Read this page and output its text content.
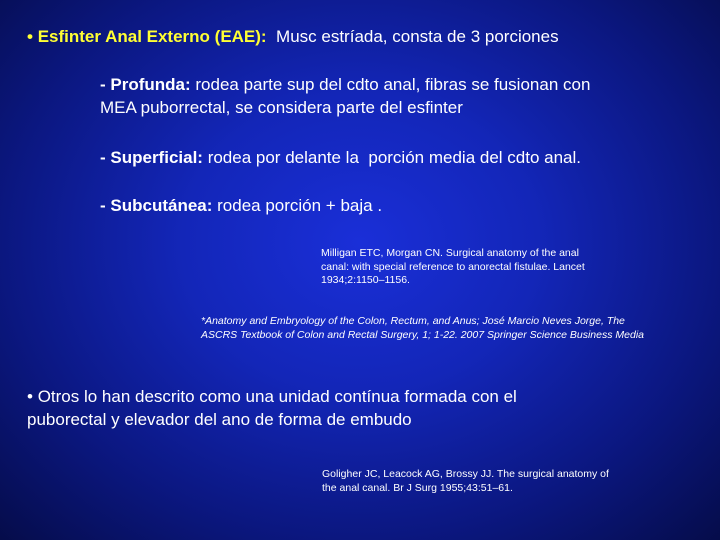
• Esfinter Anal Externo (EAE):  Musc estríada, consta de 3 porciones
- Profunda: rodea parte sup del cdto anal, fibras se fusionan con
MEA puborrectal, se considera parte del esfinter
- Superficial: rodea por delante la  porción media del cdto anal.
- Subcutánea: rodea porción + baja .
Milligan ETC, Morgan CN. Surgical anatomy of the anal
canal: with special reference to anorectal fistulae. Lancet
1934;2:1150–1156.
*Anatomy and Embryology of the Colon, Rectum, and Anus; José Marcio Neves Jorge, The
ASCRS Textbook of Colon and Rectal Surgery, 1; 1-22. 2007 Springer Science Business Media
• Otros lo han descrito como una unidad contínua formada con el
puborectal y elevador del ano de forma de embudo
Goligher JC, Leacock AG, Brossy JJ. The surgical anatomy of
the anal canal. Br J Surg 1955;43:51–61.
